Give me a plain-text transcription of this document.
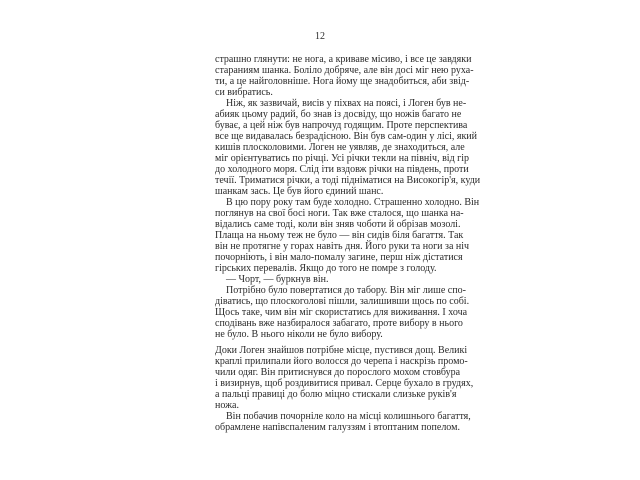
12
страшно глянути: не нога, а криваве місиво, і все це завдяки
стараниям шанка. Боліло добряче, але він досі міг нею руха-
ти, а це найголовніше. Нога йому ще знадобиться, аби звід-
си вибратись.
Ніж, як зазвичай, висів у піхвах на поясі, і Логен був не-
абияк цьому радий, бо знав із досвіду, що ножів багато не
буває, а цей ніж був напрочуд годящим. Проте перспектива
все ще видавалась безрадісною. Він був сам-один у лісі, який
кишів плосколовими. Логен не уявляв, де знаходиться, але
міг орієнтуватись по річці. Усі річки текли на північ, від гір
до холодного моря. Слід іти вздовж річки на південь, проти
течії. Триматися річки, а тоді підніматися на Високогір'я, куди
шанкам зась. Це був його єдиний шанс.
В цю пору року там буде холодно. Страшенно холодно. Він
поглянув на свої босі ноги. Так вже сталося, що шанка на-
відались саме тоді, коли він зняв чоботи й обрізав мозолі.
Плаща на ньому теж не було — він сидів біля багаття. Так
він не протягне у горах навіть дня. Його руки та ноги за ніч
почорніють, і він мало-помалу загине, перш ніж дістатися
гірських перевалів. Якщо до того не помре з голоду.
— Чорт, — буркнув він.
Потрібно було повертатися до табору. Він міг лише спо-
діватись, що плоскоголові пішли, залишивши щось по собі.
Щось таке, чим він міг скористатись для виживання. І хоча
сподівань вже назбиралося забагато, проте вибору в нього
не було. В нього ніколи не було вибору.
Доки Логен знайшов потрібне місце, пустився дощ. Великі
краплі прилипали його волосся до черепа і наскрізь промо-
чили одяг. Він притиснувся до порослого мохом стовбура
і визирнув, щоб роздивитися привал. Серце бухало в грудях,
а пальці правиці до болю міцно стискали слизьке руків'я
ножа.
Він побачив почорніле коло на місці колишнього багаття,
обрамлене напівспаленим галуззям і втоптаним попелом.
